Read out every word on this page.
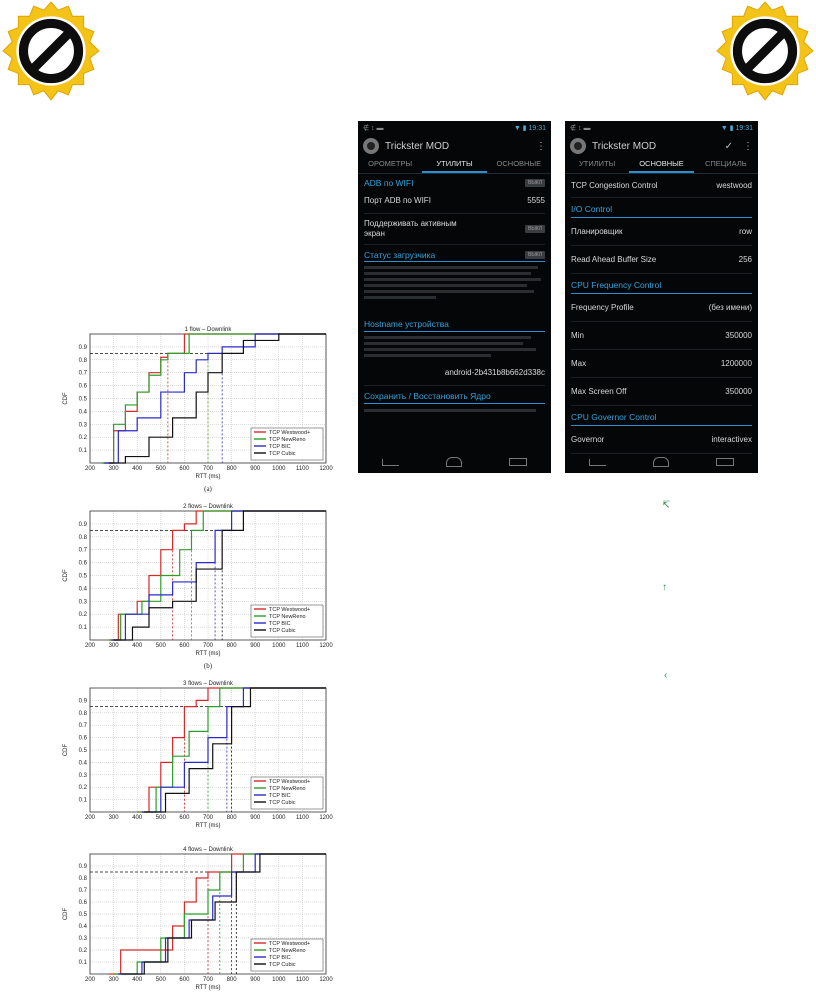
1 flow – Downlink
200 300 400 500 600 700 800 900 1000 1100 1200
0.1
0.2
0.3
0.4
0.5
0.6
0.7
0.8
0.9
TCP Westwood+
TCP NewReno
TCP BIC
TCP Cubic
RTT (ms)
CDF
(a)
2 flows – Downlink
200 300 400 500 600 700 800 900 1000 1100 1200
0.1
0.2
0.3
0.4
0.5
0.6
0.7
0.8
0.9
TCP Westwood+
TCP NewReno
TCP BIC
TCP Cubic
RTT (ms)
CDF
(b)
3 flows – Downlink
200 300 400 500 600 700 800 900 1000 1100 1200
0.1
0.2
0.3
0.4
0.5
0.6
0.7
0.8
0.9
TCP Westwood+
TCP NewReno
TCP BIC
TCP Cubic
RTT (ms)
CDF
4 flows – Downlink
200 300 400 500 600 700 800 900 1000 1100 1200
0.1
0.2
0.3
0.4
0.5
0.6
0.7
0.8
0.9
TCP Westwood+
TCP NewReno
TCP BIC
TCP Cubic
RTT (ms)
CDF
∉ ↕ ▬	▼ ▮ 19:31
Trickster MOD	⋮
ОРОМЕТРЫ	УТИЛИТЫ	ОСНОВНЫЕ
ADB по WIFI	ВЫКЛ
Порт ADB по WIFI	5555
Поддерживать активным экран	ВЫКЛ
Статус загрузчика	ВЫКЛ
Hostname устройства
android-2b431b8b662d338c
Сохранить / Восстановить Ядро
∉ ↕ ▬	▼ ▮ 19:31
Trickster MOD	✓ ⋮
УТИЛИТЫ	ОСНОВНЫЕ	СПЕЦИАЛЬ
TCP Congestion Control	westwood
I/O Control
Планировщик	row
Read Ahead Buffer Size	256
CPU Frequency Control
Frequency Profile	(без имени)
Min	350000
Max	1200000
Max Screen Off	350000
CPU Governor Control
Governor	interactivex
↸
↑
‹
